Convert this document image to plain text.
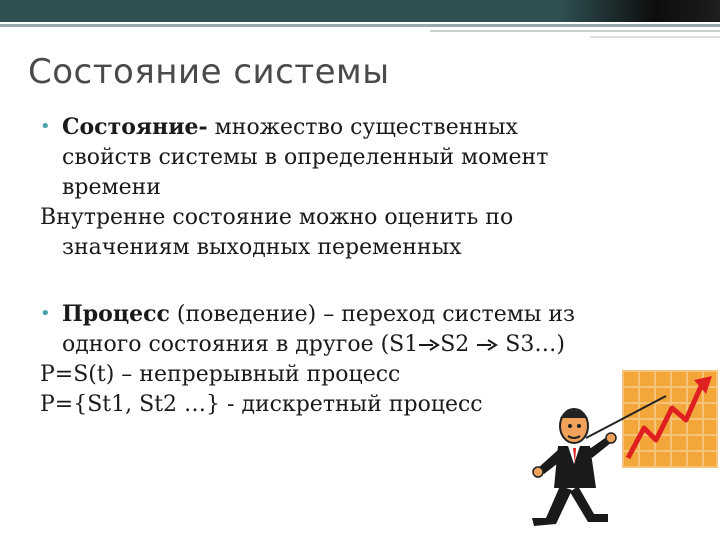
Состояние системы
• Состояние- множество существенных
свойств системы в определенный момент
времени
Внутренне состояние можно оценить по
значениям выходных переменных
• Процесс (поведение) – переход системы из
одного состояния в другое (S1 S2  S3…)
P=S(t) – непрерывный процесс
P={St1, St2 …} - дискретный процесс
